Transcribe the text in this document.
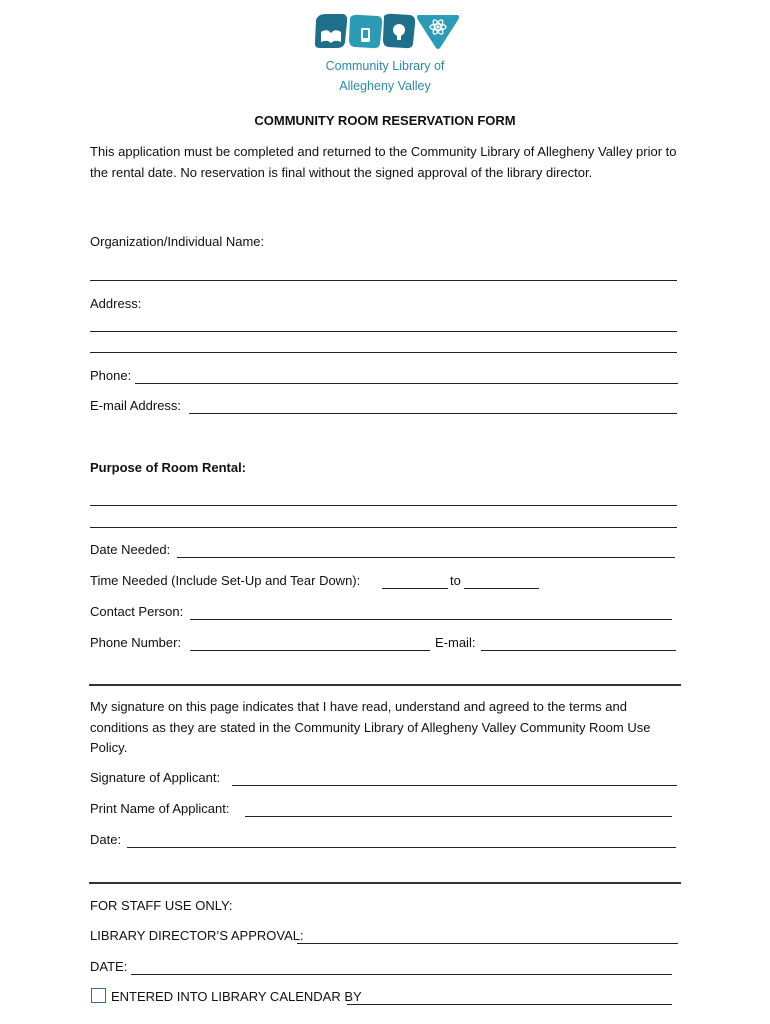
Community Library of
Allegheny Valley
COMMUNITY ROOM RESERVATION FORM
This application must be completed and returned to the Community Library of Allegheny Valley prior to the rental date. No reservation is final without the signed approval of the library director.
Organization/Individual Name:
Address:
Phone:
E-mail Address:
Purpose of Room Rental:
Date Needed:
Time Needed (Include Set-Up and Tear Down):	to
Contact Person:
Phone Number:	E-mail:
My signature on this page indicates that I have read, understand and agreed to the terms and conditions as they are stated in the Community Library of Allegheny Valley Community Room Use Policy.
Signature of Applicant:
Print Name of Applicant:
Date:
FOR STAFF USE ONLY:
LIBRARY DIRECTOR’S APPROVAL:
DATE:
ENTERED INTO LIBRARY CALENDAR BY
